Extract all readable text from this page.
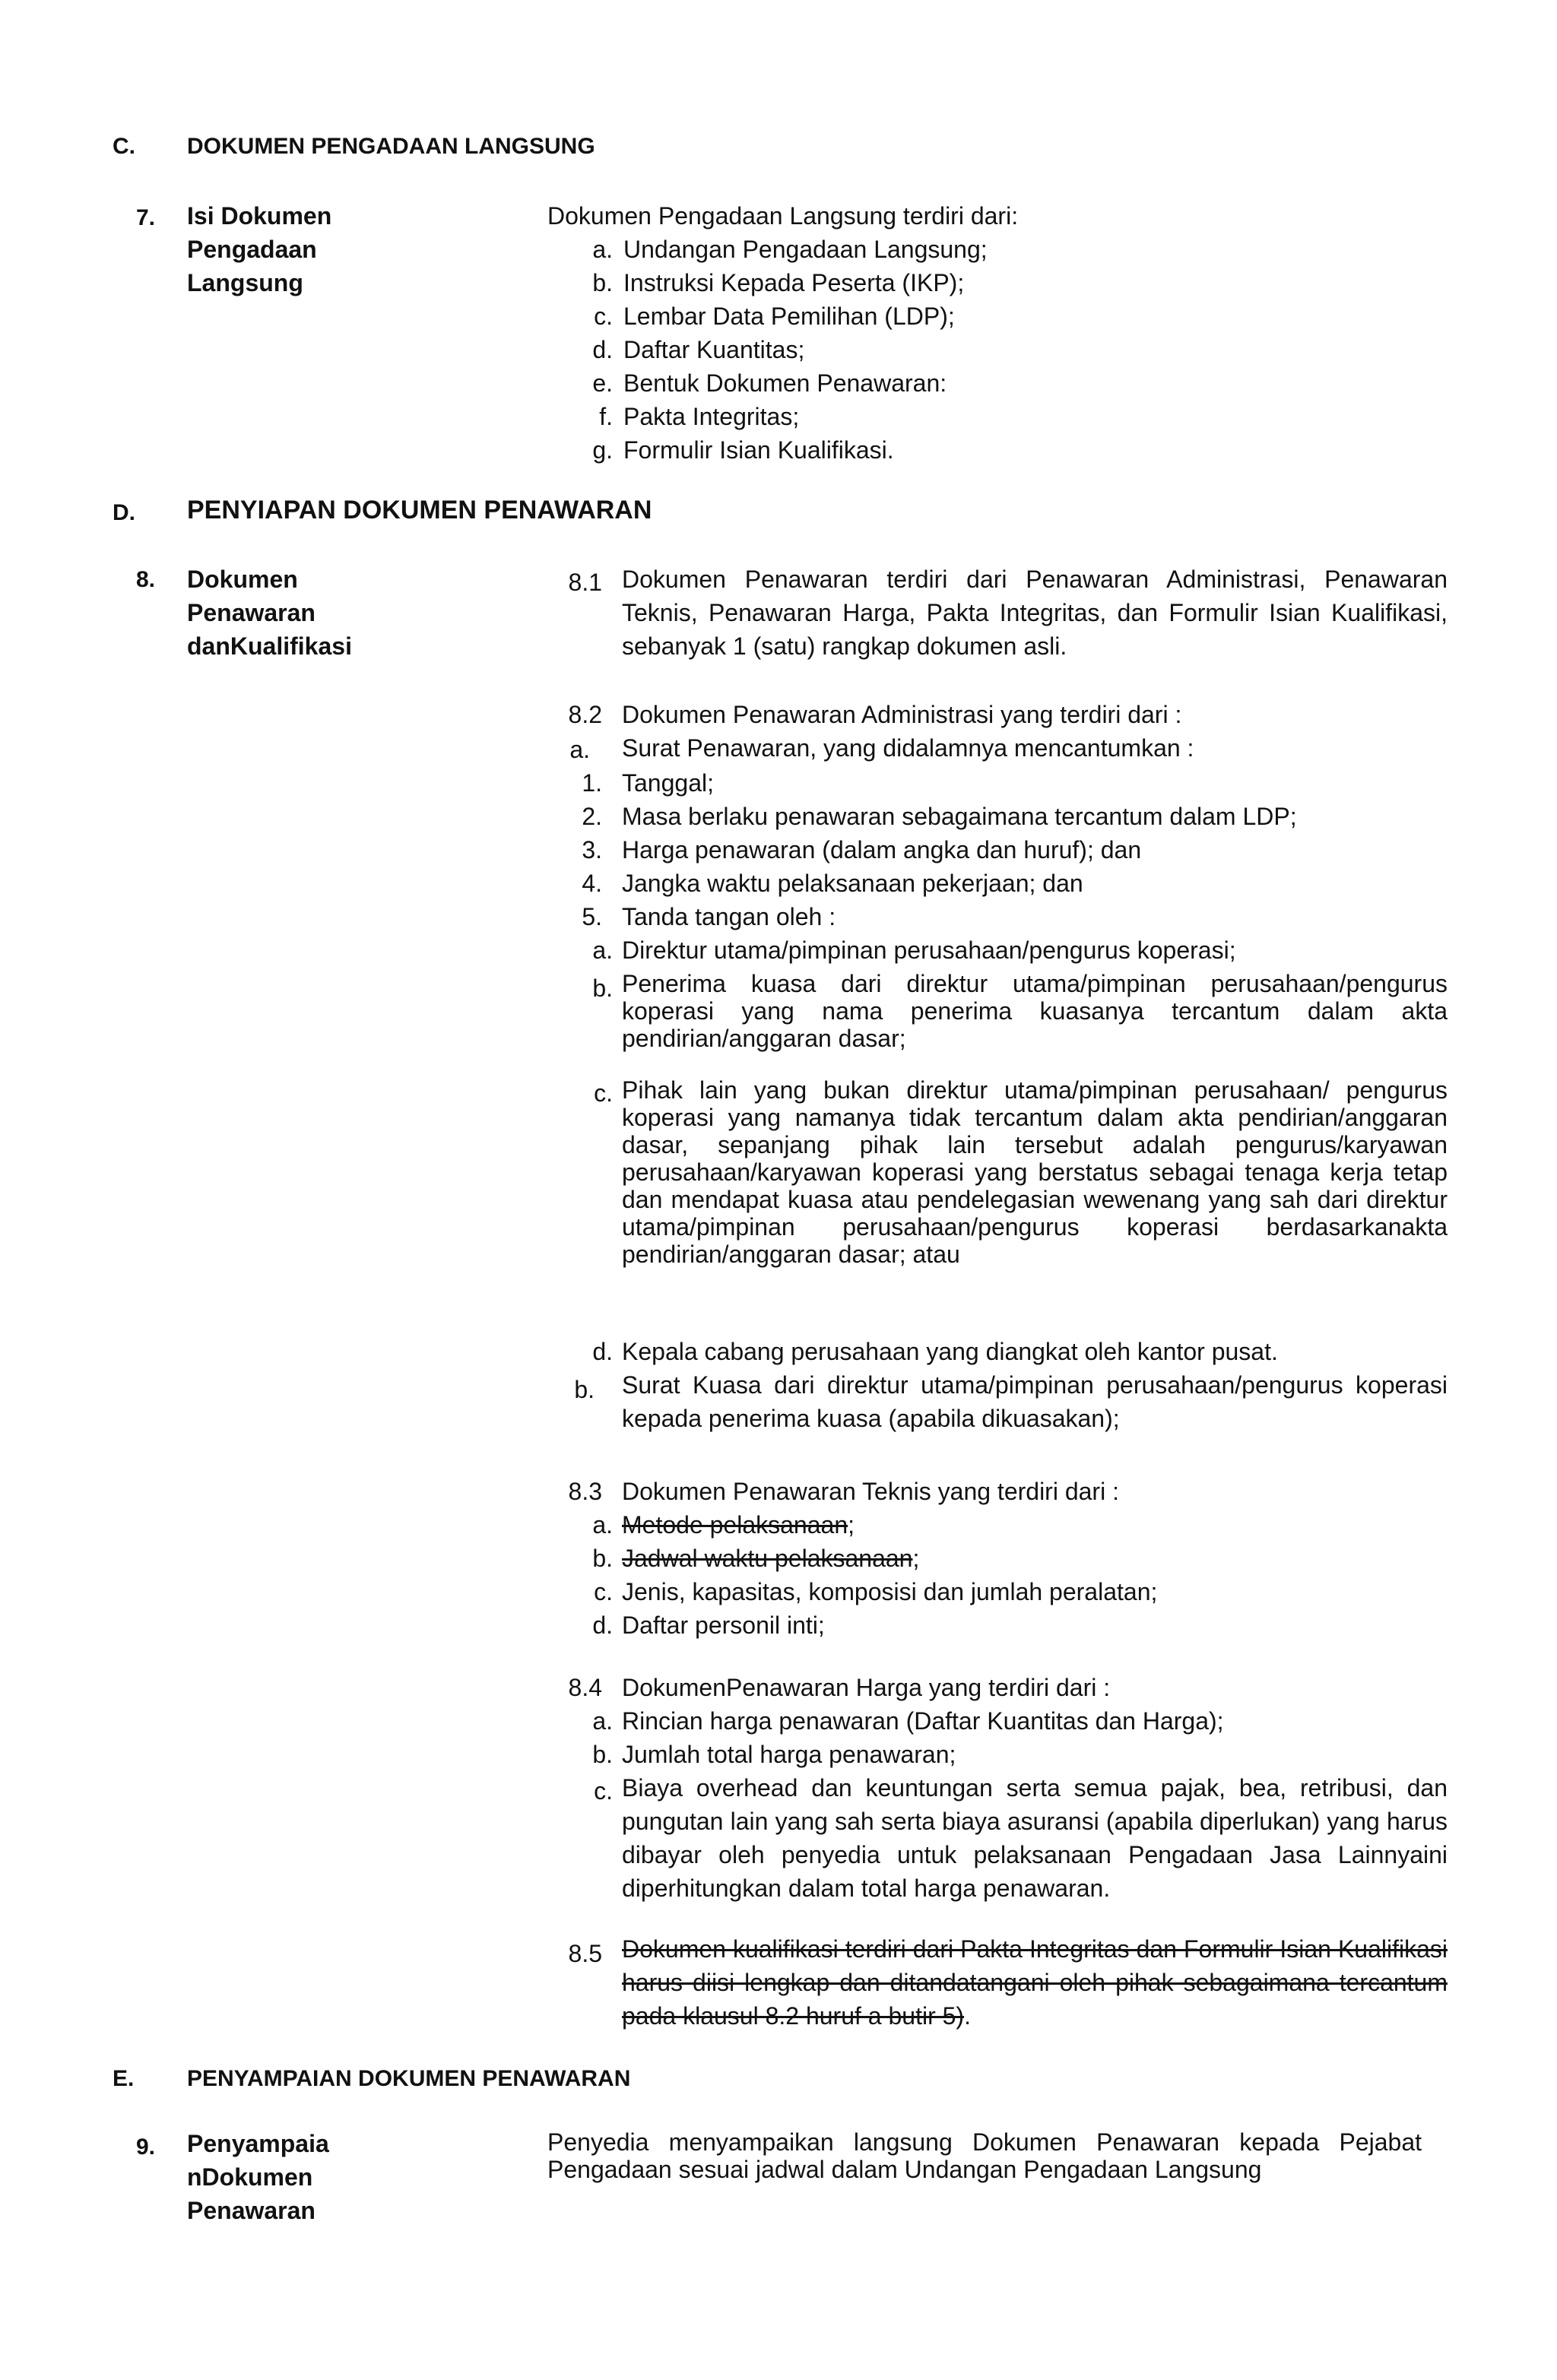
C. DOKUMEN PENGADAAN LANGSUNG
7. Isi Dokumen Pengadaan Langsung
Dokumen Pengadaan Langsung terdiri dari:
a. Undangan Pengadaan Langsung;
b. Instruksi Kepada Peserta (IKP);
c. Lembar Data Pemilihan (LDP);
d. Daftar Kuantitas;
e. Bentuk Dokumen Penawaran:
f. Pakta Integritas;
g. Formulir Isian Kualifikasi.
D. PENYIAPAN DOKUMEN PENAWARAN
8. Dokumen Penawaran danKualifikasi
8.1 Dokumen Penawaran terdiri dari Penawaran Administrasi, Penawaran Teknis, Penawaran Harga, Pakta Integritas, dan Formulir Isian Kualifikasi, sebanyak 1 (satu) rangkap dokumen asli.
8.2 Dokumen Penawaran Administrasi yang terdiri dari :
a. Surat Penawaran, yang didalamnya mencantumkan :
1. Tanggal;
2. Masa berlaku penawaran sebagaimana tercantum dalam LDP;
3. Harga penawaran (dalam angka dan huruf); dan
4. Jangka waktu pelaksanaan pekerjaan; dan
5. Tanda tangan oleh :
a. Direktur utama/pimpinan perusahaan/pengurus koperasi;
b. Penerima kuasa dari direktur utama/pimpinan perusahaan/pengurus koperasi yang nama penerima kuasanya tercantum dalam akta pendirian/anggaran dasar;
c. Pihak lain yang bukan direktur utama/pimpinan perusahaan/ pengurus koperasi yang namanya tidak tercantum dalam akta pendirian/anggaran dasar, sepanjang pihak lain tersebut adalah pengurus/karyawan perusahaan/karyawan koperasi yang berstatus sebagai tenaga kerja tetap dan mendapat kuasa atau pendelegasian wewenang yang sah dari direktur utama/pimpinan perusahaan/pengurus koperasi berdasarkanakta pendirian/anggaran dasar; atau
d. Kepala cabang perusahaan yang diangkat oleh kantor pusat.
b. Surat Kuasa dari direktur utama/pimpinan perusahaan/pengurus koperasi kepada penerima kuasa (apabila dikuasakan);
8.3 Dokumen Penawaran Teknis yang terdiri dari :
a. Metode pelaksanaan;
b. Jadwal waktu pelaksanaan;
c. Jenis, kapasitas, komposisi dan jumlah peralatan;
d. Daftar personil inti;
8.4 DokumenPenawaran Harga yang terdiri dari :
a. Rincian harga penawaran (Daftar Kuantitas dan Harga);
b. Jumlah total harga penawaran;
c. Biaya overhead dan keuntungan serta semua pajak, bea, retribusi, dan pungutan lain yang sah serta biaya asuransi (apabila diperlukan) yang harus dibayar oleh penyedia untuk pelaksanaan Pengadaan Jasa Lainnyaini diperhitungkan dalam total harga penawaran.
8.5 Dokumen kualifikasi terdiri dari Pakta Integritas dan Formulir Isian Kualifikasi harus diisi lengkap dan ditandatangani oleh pihak sebagaimana tercantum pada klausul 8.2 huruf a butir 5).
E. PENYAMPAIAN DOKUMEN PENAWARAN
9. Penyampaia nDokumen Penawaran
Penyedia menyampaikan langsung Dokumen Penawaran kepada Pejabat Pengadaan sesuai jadwal dalam Undangan Pengadaan Langsung
